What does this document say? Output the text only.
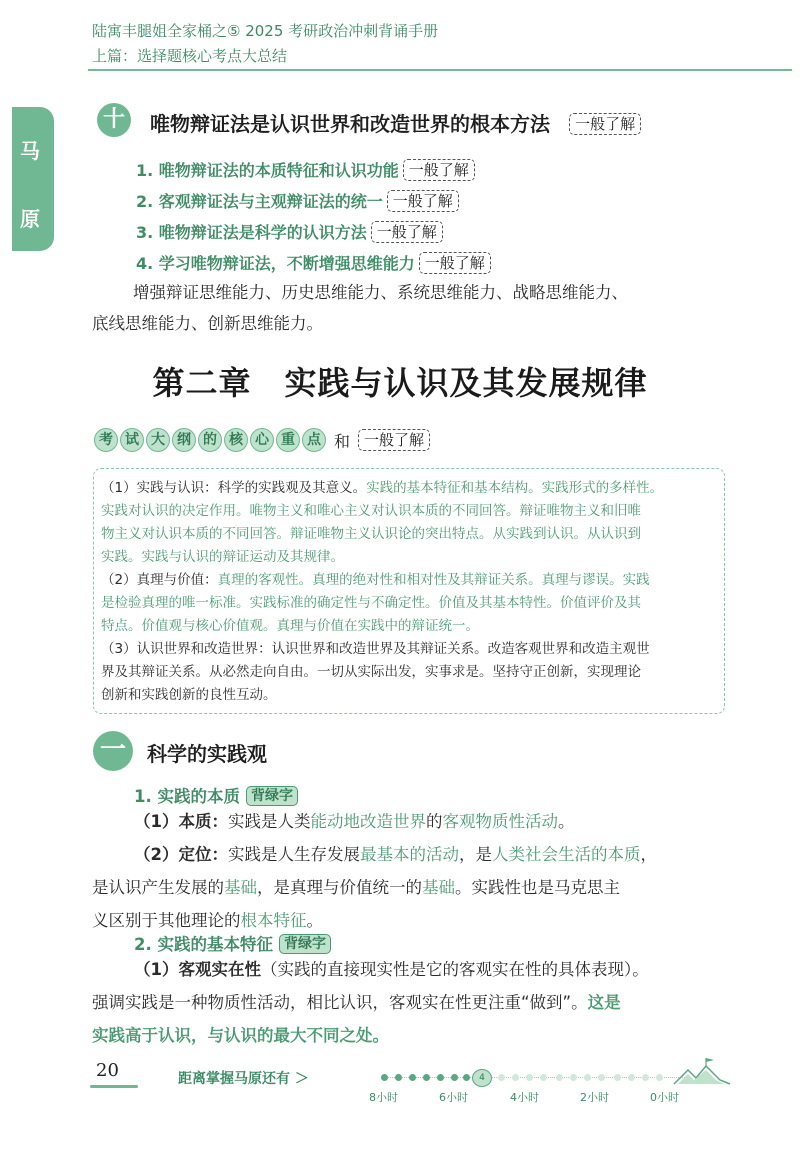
陆寓丰腿姐全家桶之⑤ 2025 考研政治冲刺背诵手册
上篇：选择题核心考点大总结
马
原
十	唯物辩证法是认识世界和改造世界的根本方法 一般了解
1. 唯物辩证法的本质特征和认识功能 一般了解
2. 客观辩证法与主观辩证法的统一 一般了解
3. 唯物辩证法是科学的认识方法 一般了解
4. 学习唯物辩证法，不断增强思维能力 一般了解
增强辩证思维能力、历史思维能力、系统思维能力、战略思维能力、
底线思维能力、创新思维能力。
第二章　实践与认识及其发展规律
考 试 大 纲 的 核 心 重 点 和 一般了解
（1）实践与认识：科学的实践观及其意义。实践的基本特征和基本结构。实践形式的多样性。
实践对认识的决定作用。唯物主义和唯心主义对认识本质的不同回答。辩证唯物主义和旧唯
物主义对认识本质的不同回答。辩证唯物主义认识论的突出特点。从实践到认识。从认识到
实践。实践与认识的辩证运动及其规律。
（2）真理与价值：真理的客观性。真理的绝对性和相对性及其辩证关系。真理与谬误。实践
是检验真理的唯一标准。实践标准的确定性与不确定性。价值及其基本特性。价值评价及其
特点。价值观与核心价值观。真理与价值在实践中的辩证统一。
（3）认识世界和改造世界：认识世界和改造世界及其辩证关系。改造客观世界和改造主观世
界及其辩证关系。从必然走向自由。一切从实际出发，实事求是。坚持守正创新，实现理论
创新和实践创新的良性互动。
一	科学的实践观
1. 实践的本质 背绿字
（1）本质：实践是人类能动地改造世界的客观物质性活动。
（2）定位：实践是人生存发展最基本的活动，是人类社会生活的本质，
是认识产生发展的基础，是真理与价值统一的基础。实践性也是马克思主
义区别于其他理论的根本特征。
2. 实践的基本特征 背绿字
（1）客观实在性（实践的直接现实性是它的客观实在性的具体表现）。
强调实践是一种物质性活动，相比认识，客观实在性更注重“做到”。这是
实践高于认识，与认识的最大不同之处。
20	距离掌握马原还有 ＞	4
8小时	6小时	4小时	2小时	0小时
